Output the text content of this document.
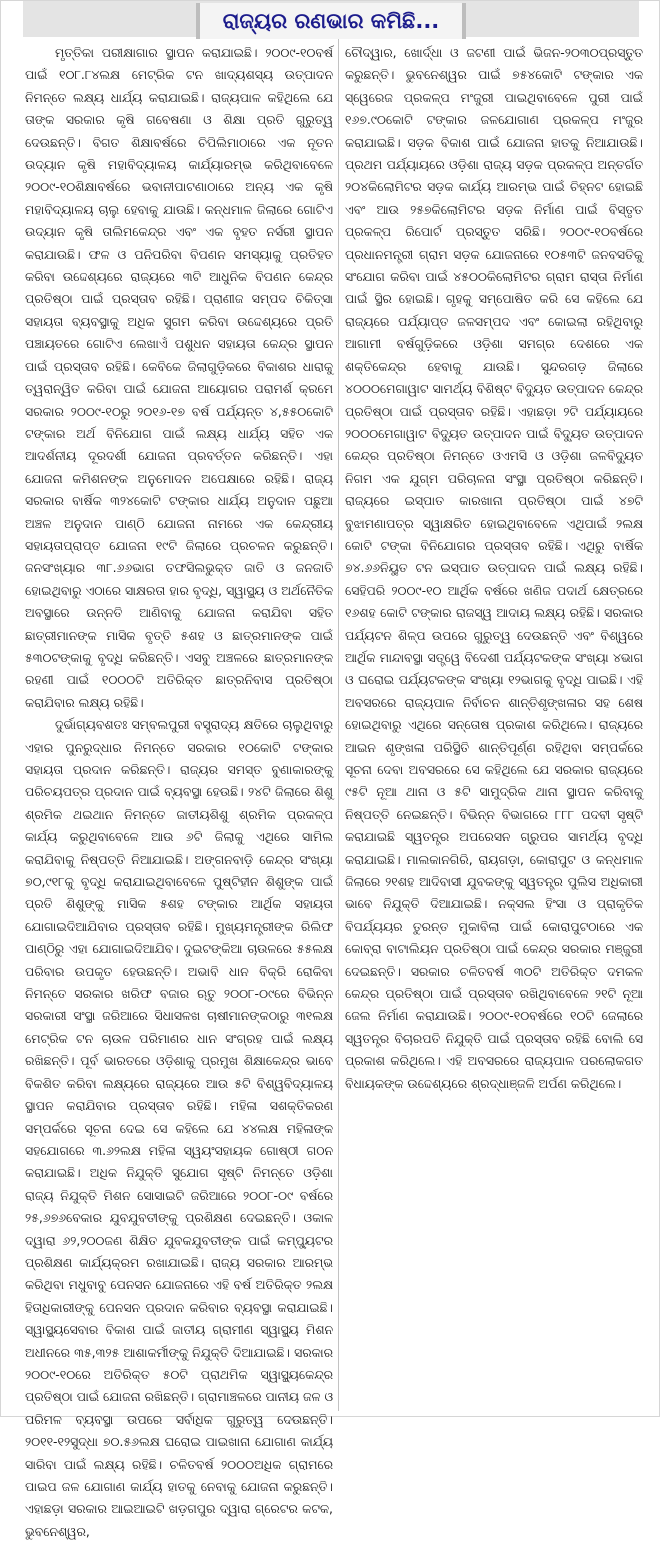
ରାଜ୍ୟର ରଣଭାର କମିଛି...

ମୃତ୍ତିକା ପରୀକ୍ଷାଗାର ସ୍ଥାପନ କରାଯାଇଛି। ୨୦୦୯-୧୦ବର୍ଷ ପାଇଁ ୧୦୮.୮୪ଲକ୍ଷ ମେଟ୍ରିକ ଟନ ଖାଦ୍ୟଶସ୍ୟ ଉତ୍ପାଦନ ନିମନ୍ତେ ଲକ୍ଷ୍ୟ ଧାର୍ଯ୍ୟ କରାଯାଇଛି। ରାଜ୍ୟପାଳ କହିଥିଲେ ଯେ ତାଙ୍କ ସରକାର କୃଷି ଗବେଷଣା ଓ ଶିକ୍ଷା ପ୍ରତି ଗୁରୁତ୍ୱ ଦେଉଛନ୍ତି। ବିଗତ ଶିକ୍ଷାବର୍ଷରେ ଚିପିଲିମାଠାରେ ଏକ ନୂତନ ଉଦ୍ୟାନ କୃଷି ମହାବିଦ୍ୟାଳୟ କାର୍ଯ୍ୟାରମ୍ଭ କରିଥିବାବେଳେ ୨୦୦୯-୧୦ଶିକ୍ଷାବର୍ଷରେ ଭବାନୀପାଟଣାଠାରେ ଅନ୍ୟ ଏକ କୃଷି ମହାବିଦ୍ୟାଳୟ ଚାଲୁ ହେବାକୁ ଯାଉଛି। କନ୍ଧମାଳ ଜିଲାରେ ଗୋଟିଏ ଉଦ୍ୟାନ କୃଷି ତାଲିମକେନ୍ଦ୍ର ଏବଂ ଏକ ବୃହତ ନର୍ସରୀ ସ୍ଥାପନ କରାଯାଉଛି। ଫଳ ଓ ପନିପରିବା ବିପଣନ ସମସ୍ୟାକୁ ପ୍ରତିହତ କରିବା ଉଦ୍ଦେଶ୍ୟରେ ରାଜ୍ୟରେ ୩ଟି ଆଧୁନିକ ବିପଣନ କେନ୍ଦ୍ର ପ୍ରତିଷ୍ଠା ପାଇଁ ପ୍ରସ୍ତାବ ରହିଛି। ପ୍ରାଣୀଜ ସମ୍ପଦ ଚିକିତ୍ସା ସହାୟତା ବ୍ୟବସ୍ଥାକୁ ଅଧିକ ସୁଗମ କରିବା ଉଦ୍ଦେଶ୍ୟରେ ପ୍ରତି ପଞ୍ଚାୟତରେ ଗୋଟିଏ ଲେଖାଏଁ ପଶୁଧନ ସହାୟତା କେନ୍ଦ୍ର ସ୍ଥାପନ ପାଇଁ ପ୍ରସ୍ତାବ ରହିଛି। କେବିକେ ଜିଲାଗୁଡ଼ିକରେ ବିକାଶର ଧାରାକୁ ତ୍ୱରାନ୍ୱିତ କରିବା ପାଇଁ ଯୋଜନା ଆୟୋଗର ପରାମର୍ଶ କ୍ରମେ ସରକାର ୨୦୦୯-୧୦ରୁ ୨୦୧୬-୧୭ ବର୍ଷ ପର୍ଯ୍ୟନ୍ତ ୪,୫୫୦କୋଟି ଟଙ୍କାର ଅର୍ଥ ବିନିଯୋଗ ପାଇଁ ଲକ୍ଷ୍ୟ ଧାର୍ଯ୍ୟ ସହିତ ଏକ ଆଦର୍ଶନୀୟ ଦୂରଦର୍ଶୀ ଯୋଜନା ପ୍ରବର୍ତ୍ତନ କରିଛନ୍ତି। ଏହା ଯୋଜନା କମିଶନଙ୍କ ଅନୁମୋଦନ ଅପେକ୍ଷାରେ ରହିଛି। ରାଜ୍ୟ ସରକାର ବାର୍ଷିକ ୩୨୪କୋଟି ଟଙ୍କାର ଧାର୍ଯ୍ୟ ଅନୁଦାନ ପଛୁଆ ଅଞ୍ଚଳ ଅନୁଦାନ ପାଣ୍ଠି ଯୋଜନା ନାମରେ ଏକ କେନ୍ଦ୍ରୀୟ ସହାୟତାପ୍ରାପ୍ତ ଯୋଜନା ୧୯ଟି ଜିଲାରେ ପ୍ରଚଳନ କରୁଛନ୍ତି। ଜନସଂଖ୍ୟାର ୩୮.୬୬ଭାଗ ତଫସିଲଭୁକ୍ତ ଜାତି ଓ ଜନଜାତି ହୋଇଥିବାରୁ ଏଠାରେ ସାକ୍ଷରତା ହାର ବୃଦ୍ଧି, ସ୍ୱାସ୍ଥ୍ୟ ଓ ଅର୍ଥନୈତିକ ଅବସ୍ଥାରେ ଉନ୍ନତି ଆଣିବାକୁ ଯୋଜନା କରାଯିବା ସହିତ ଛାତ୍ରୀମାନଙ୍କ ମାସିକ ବୃତ୍ତି ୫ଶହ ଓ ଛାତ୍ରମାନଙ୍କ ପାଇଁ ୫୩୦ଟଙ୍କାକୁ ବୃଦ୍ଧି କରିଛନ୍ତି। ଏସବୁ ଅଞ୍ଚଳରେ ଛାତ୍ରମାନଙ୍କ ରହଣୀ ପାଇଁ ୧୦୦୦ଟି ଅତିରିକ୍ତ ଛାତ୍ରନିବାସ ପ୍ରତିଷ୍ଠା କରାଯିବାର ଲକ୍ଷ୍ୟ ରହିଛି।

ଦୁର୍ଭାଗ୍ୟବଶତଃ ସମ୍ବଲପୁରୀ ବସ୍ତ୍ରାଦ୍ୟ କ୍ଷତିରେ ଚାଲୁଥିବାରୁ ଏହାର ପୁନରୁଦ୍ଧାର ନିମନ୍ତେ ସରକାର ୧୦କୋଟି ଟଙ୍କାର ସହାୟତା ପ୍ରଦାନ କରିଛନ୍ତି। ରାଜ୍ୟର ସମସ୍ତ ବୁଣାକାରଙ୍କୁ ପରିଚୟପତ୍ର ପ୍ରଦାନ ପାଇଁ ବ୍ୟବସ୍ଥା ହେଉଛି। ୨୪ଟି ଜିଲାରେ ଶିଶୁ ଶ୍ରମିକ ଥଇଥାନ ନିମନ୍ତେ ଜାତୀୟଶିଶୁ ଶ୍ରମିକ ପ୍ରକଳ୍ପ କାର୍ଯ୍ୟ କରୁଥିବାବେଳେ ଆଉ ୬ଟି ଜିଲାକୁ ଏଥିରେ ସାମିଲ କରାଯିବାକୁ ନିଷ୍ପତ୍ତି ନିଆଯାଇଛି। ଅଙ୍ଗନବାଡ଼ି କେନ୍ଦ୍ର ସଂଖ୍ୟା ୭୦,୯୧୮କୁ ବୃଦ୍ଧି କରାଯାଇଥିବାବେଳେ ପୁଷ୍ଟିହୀନ ଶିଶୁଙ୍କ ପାଇଁ ପ୍ରତି ଶିଶୁଙ୍କୁ ମାସିକ ୫ଶହ ଟଙ୍କାର ଆର୍ଥିକ ସହାୟତା ଯୋଗାଇଦିଆଯିବାର ପ୍ରସ୍ତାବ ରହିଛି। ମୁଖ୍ୟମନ୍ତ୍ରୀଙ୍କ ରିଲିଫ ପାଣ୍ଠିରୁ ଏହା ଯୋଗାଇଦିଆଯିବ। ଦୁଇଟଙ୍କିଆ ଚାଉଳରେ ୫୫ଲକ୍ଷ ପରିବାର ଉପକୃତ ହେଉଛନ୍ତି। ଅଭାବି ଧାନ ବିକ୍ରି ରୋକିବା ନିମନ୍ତେ ସରକାର ଖରିଫ ବଜାର ଋତୁ ୨୦୦୮-୦୯ରେ ବିଭିନ୍ନ ସରକାରୀ ସଂସ୍ଥା ଜରିଆରେ ସିଧାସଳଖ ଚାଷୀମାନଙ୍କଠାରୁ ୩୧ଲକ୍ଷ ମେଟ୍ରିକ ଟନ ଚାଉଳ ପରିମାଣର ଧାନ ସଂଗ୍ରହ ପାଇଁ ଲକ୍ଷ୍ୟ ରଖିଛନ୍ତି। ପୂର୍ବ ଭାରତରେ ଓଡ଼ିଶାକୁ ପ୍ରମୁଖ ଶିକ୍ଷାକେନ୍ଦ୍ର ଭାବେ ବିକଶିତ କରିବା ଲକ୍ଷ୍ୟରେ ରାଜ୍ୟରେ ଆଉ ୫ଟି ବିଶ୍ୱବିଦ୍ୟାଳୟ ସ୍ଥାପନ କରାଯିବାର ପ୍ରସ୍ତାବ ରହିଛି। ମହିଳା ସଶକ୍ତିକରଣ ସମ୍ପର୍କରେ ସୂଚନା ଦେଇ ସେ କହିଲେ ଯେ ୪୪ଲକ୍ଷ ମହିଳାଙ୍କ ସହଯୋଗରେ ୩.୬୨ଲକ୍ଷ ମହିଳା ସ୍ୱୟଂସହାୟକ ଗୋଷ୍ଠୀ ଗଠନ କରାଯାଇଛି। ଅଧିକ ନିଯୁକ୍ତି ସୁଯୋଗ ସୃଷ୍ଟି ନିମନ୍ତେ ଓଡ଼ିଶା ରାଜ୍ୟ ନିଯୁକ୍ତି ମିଶନ ସୋସାଇଟି ଜରିଆରେ ୨୦୦୮-୦୯ ବର୍ଷରେ ୨୫,୬୭୬ବେକାର ଯୁବଯୁବତୀଙ୍କୁ ପ୍ରଶିକ୍ଷଣ ଦେଇଛନ୍ତି। ଓକାଳ ଦ୍ୱାରା ୬୨,୨୦୦ଜଣ ଶିକ୍ଷିତ ଯୁବକଯୁବତୀଙ୍କ ପାଇଁ କମ୍ପ୍ୟୁଟର ପ୍ରଶିକ୍ଷଣ କାର୍ଯ୍ୟକ୍ରମ ରଖାଯାଇଛି। ରାଜ୍ୟ ସରକାର ଆରମ୍ଭ କରିଥିବା ମଧୁବାବୁ ପେନସନ ଯୋଜନାରେ ଏହି ବର୍ଷ ଅତିରିକ୍ତ ୨ଲକ୍ଷ ହିତାଧିକାରୀଙ୍କୁ ପେନସନ ପ୍ରଦାନ କରିବାର ବ୍ୟବସ୍ଥା କରାଯାଇଛି। ସ୍ୱାସ୍ଥ୍ୟସେବାର ବିକାଶ ପାଇଁ ଜାତୀୟ ଗ୍ରାମୀଣ ସ୍ୱାସ୍ଥ୍ୟ ମିଶନ ଅଧୀନରେ ୩୫,୩୨୫ ଆଶାକର୍ମୀଙ୍କୁ ନିଯୁକ୍ତି ଦିଆଯାଇଛି। ସରକାର ୨୦୦୯-୧୦ରେ ଅତିରିକ୍ତ ୫୦ଟି ପ୍ରାଥମିକ ସ୍ୱାସ୍ଥ୍ୟକେନ୍ଦ୍ର ପ୍ରତିଷ୍ଠା ପାଇଁ ଯୋଜନା ରଖିଛନ୍ତି। ଗ୍ରାମାଞ୍ଚଳରେ ପାନୀୟ ଜଳ ଓ ପରିମଳ ବ୍ୟବସ୍ଥା ଉପରେ ସର୍ବାଧିକ ଗୁରୁତ୍ୱ ଦେଉଛନ୍ତି। ୨୦୧୧-୧୨ସୁଦ୍ଧା ୭୦.୫୬ଲକ୍ଷ ଘରୋଇ ପାଇଖାନା ଯୋଗାଣ କାର୍ଯ୍ୟ ସାରିବା ପାଇଁ ଲକ୍ଷ୍ୟ ରହିଛି। ଚଳିତବର୍ଷ ୨୦୦୦ଅଧିକ ଗ୍ରାମରେ ପାଇପ ଜଳ ଯୋଗାଣ କାର୍ଯ୍ୟ ହାତକୁ ନେବାକୁ ଯୋଜନା କରୁଛନ୍ତି। ଏହାଛଡ଼ା ସରକାର ଆଇଆଇଟି ଖଡ଼ଗପୁର ଦ୍ୱାରା ଗ୍ରେଟର କଟକ, ଭୁବନେଶ୍ୱର,

ଚୌଦ୍ୱାର, ଖୋର୍ଦ୍ଧା ଓ ଜଟଣୀ ପାଇଁ ଭିଜନ-୨୦୩୦ପ୍ରସ୍ତୁତ କରୁଛନ୍ତି। ଭୁବନେଶ୍ୱର ପାଇଁ ୭୫୪କୋଟି ଟଙ୍କାର ଏକ ସ୍ୱେରେଜ ପ୍ରକଳ୍ପ ମଂଜୁରୀ ପାଇଥିବାବେଳେ ପୁରୀ ପାଇଁ ୧୬୭.୯୦କୋଟି ଟଙ୍କାର ଜଳଯୋଗାଣ ପ୍ରକଳ୍ପ ମଂଜୁର କରାଯାଇଛି। ସଡ଼କ ବିକାଶ ପାଇଁ ଯୋଜନା ହାତକୁ ନିଆଯାଉଛି। ପ୍ରଥମ ପର୍ଯ୍ୟାୟରେ ଓଡ଼ିଶା ରାଜ୍ୟ ସଡ଼କ ପ୍ରକଳ୍ପ ଅନ୍ତର୍ଗତ ୨୦୪କିଲୋମିଟର ସଡ଼କ କାର୍ଯ୍ୟ ଆରମ୍ଭ ପାଇଁ ଚିହ୍ନଟ ହୋଇଛି ଏବଂ ଆଉ ୨୫୭କିଲୋମିଟର ସଡ଼କ ନିର୍ମାଣ ପାଇଁ ବିସ୍ତୃତ ପ୍ରକଳ୍ପ ରିପୋର୍ଟ ପ୍ରସ୍ତୁତ ସରିଛି। ୨୦୦୯-୧୦ବର୍ଷରେ ପ୍ରଧାନମନ୍ତ୍ରୀ ଗ୍ରାମ ସଡ଼କ ଯୋଜନାରେ ୧୦୫୩ଟି ଜନବସତିକୁ ସଂଯୋଗ କରିବା ପାଇଁ ୪୫୦୦କିଲୋମିଟର ଗ୍ରାମ ରାସ୍ତା ନିର୍ମାଣ ପାଇଁ ସ୍ଥିର ହୋଇଛି। ଗୃହକୁ ସମ୍ପୋଷିତ କରି ସେ କହିଲେ ଯେ ରାଜ୍ୟରେ ପର୍ଯ୍ୟାପ୍ତ ଜଳସମ୍ପଦ ଏବଂ କୋଇଲା ରହିଥିବାରୁ ଆଗାମୀ ବର୍ଷଗୁଡ଼ିକରେ ଓଡ଼ିଶା ସମଗ୍ର ଦେଶରେ ଏକ ଶକ୍ତିକେନ୍ଦ୍ର ହେବାକୁ ଯାଉଛି। ସୁନ୍ଦରଗଡ଼ ଜିଲାରେ ୪୦୦୦ମେଗାୱାଟ ସାମର୍ଥ୍ୟ ବିଶିଷ୍ଟ ବିଦ୍ୟୁତ ଉତ୍ପାଦନ କେନ୍ଦ୍ର ପ୍ରତିଷ୍ଠା ପାଇଁ ପ୍ରସ୍ତାବ ରହିଛି। ଏହାଛଡ଼ା ୨ଟି ପର୍ଯ୍ୟାୟରେ ୨୦୦୦ମେଗାୱାଟ ବିଦ୍ୟୁତ ଉତ୍ପାଦନ ପାଇଁ ବିଦ୍ୟୁତ ଉତ୍ପାଦନ କେନ୍ଦ୍ର ପ୍ରତିଷ୍ଠା ନିମନ୍ତେ ଓଏମସି ଓ ଓଡ଼ିଶା ଜଳବିଦ୍ୟୁତ ନିଗମ ଏକ ଯୁଗ୍ମ ପରିଚାଳନା ସଂସ୍ଥା ପ୍ରତିଷ୍ଠା କରିଛନ୍ତି। ରାଜ୍ୟରେ ଇସ୍ପାତ କାରଖାନା ପ୍ରତିଷ୍ଠା ପାଇଁ ୪୭ଟି ବୁଝାମଣାପତ୍ର ସ୍ୱାକ୍ଷରିତ ହୋଇଥିବାବେଳେ ଏଥିପାଇଁ ୨ଲକ୍ଷ କୋଟି ଟଙ୍କା ବିନିଯୋଗର ପ୍ରସ୍ତାବ ରହିଛି। ଏଥିରୁ ବାର୍ଷିକ ୭୪.୬୬ନିୟୁତ ଟନ ଇସ୍ପାତ ଉତ୍ପାଦନ ପାଇଁ ଲକ୍ଷ୍ୟ ରହିଛି। ସେହିପରି ୨୦୦୯-୧୦ ଆର୍ଥିକ ବର୍ଷରେ ଖଣିଜ ପଦାର୍ଥ କ୍ଷେତ୍ରରେ ୧୬ଶହ କୋଟି ଟଙ୍କାର ରାଜସ୍ୱ ଆଦାୟ ଲକ୍ଷ୍ୟ ରହିଛି। ସରକାର ପର୍ଯ୍ୟଟନ ଶିଳ୍ପ ଉପରେ ଗୁରୁତ୍ୱ ଦେଉଛନ୍ତି ଏବଂ ବିଶ୍ୱରେ ଆର୍ଥିକ ମାନ୍ଦାବସ୍ଥା ସତ୍ତ୍ୱେ ବିଦେଶୀ ପର୍ଯ୍ୟଟକଙ୍କ ସଂଖ୍ୟା ୪ଭାଗ ଓ ଘରୋଇ ପର୍ଯ୍ୟଟକଙ୍କ ସଂଖ୍ୟା ୧୨ଭାଗକୁ ବୃଦ୍ଧି ପାଇଛି। ଏହି ଅବସରରେ ରାଜ୍ୟପାଳ ନିର୍ବାଚନ ଶାନ୍ତିଶୃଙ୍ଖଳାର ସହ ଶେଷ ହୋଇଥିବାରୁ ଏଥିରେ ସନ୍ତୋଷ ପ୍ରକାଶ କରିଥିଲେ। ରାଜ୍ୟରେ ଆଇନ ଶୃଙ୍ଖଳା ପରିସ୍ଥିତି ଶାନ୍ତିପୂର୍ଣ୍ଣ ରହିଥିବା ସମ୍ପର୍କରେ ସୂଚନା ଦେବା ଅବସରରେ ସେ କହିଥିଲେ ଯେ ସରକାର ରାଜ୍ୟରେ ୯୫ଟି ନୂଆ ଥାନା ଓ ୫ଟି ସାମୁଦ୍ରିକ ଥାନା ସ୍ଥାପନ କରିବାକୁ ନିଷ୍ପତ୍ତି ନେଇଛନ୍ତି। ବିଭିନ୍ନ ବିଭାଗରେ ୮୮୮ ପଦବୀ ସୃଷ୍ଟି କରାଯାଇଛି ସ୍ୱତନ୍ତ୍ର ଅପରେସନ ଗ୍ରୁପର ସାମର୍ଥ୍ୟ ବୃଦ୍ଧି କରାଯାଇଛି। ମାଲକାନଗିରି, ରାୟଗଡ଼ା, କୋରାପୁଟ ଓ କନ୍ଧମାଳ ଜିଲାରେ ୨୧ଶହ ଆଦିବାସୀ ଯୁବକଙ୍କୁ ସ୍ୱତନ୍ତ୍ର ପୁଲିସ ଅଧିକାରୀ ଭାବେ ନିଯୁକ୍ତି ଦିଆଯାଇଛି। ନକ୍ସଲ ହିଂସା ଓ ପ୍ରାକୃତିକ ବିପର୍ଯ୍ୟୟର ତୁରନ୍ତ ମୁକାବିଲା ପାଇଁ କୋରାପୁଟଠାରେ ଏକ କୋବ୍ରା ବାଟାଲିୟନ ପ୍ରତିଷ୍ଠା ପାଇଁ କେନ୍ଦ୍ର ସରକାର ମଞ୍ଜୁରୀ ଦେଇଛନ୍ତି। ସରକାର ଚଳିତବର୍ଷ ୩୦ଟି ଅତିରିକ୍ତ ଦମକଳ କେନ୍ଦ୍ର ପ୍ରତିଷ୍ଠା ପାଇଁ ପ୍ରସ୍ତାବ ରଖିଥିବାବେଳେ ୨୧ଟି ନୂଆ ଜେଲ ନିର୍ମାଣ କରାଯାଉଛି। ୨୦୦୯-୧୦ବର୍ଷରେ ୧୦ଟି ଜେଲାରେ ସ୍ୱତନ୍ତ୍ର ବିଚାରପତି ନିଯୁକ୍ତି ପାଇଁ ପ୍ରସ୍ତାବ ରହିଛି ବୋଲି ସେ ପ୍ରକାଶ କରିଥିଲେ। ଏହି ଅବସରରେ ରାଜ୍ୟପାଳ ପରଲୋକଗତ ବିଧାୟକଙ୍କ ଉଦ୍ଦେଶ୍ୟରେ ଶ୍ରଦ୍ଧାଞ୍ଜଳି ଅର୍ପଣ କରିଥିଲେ।
